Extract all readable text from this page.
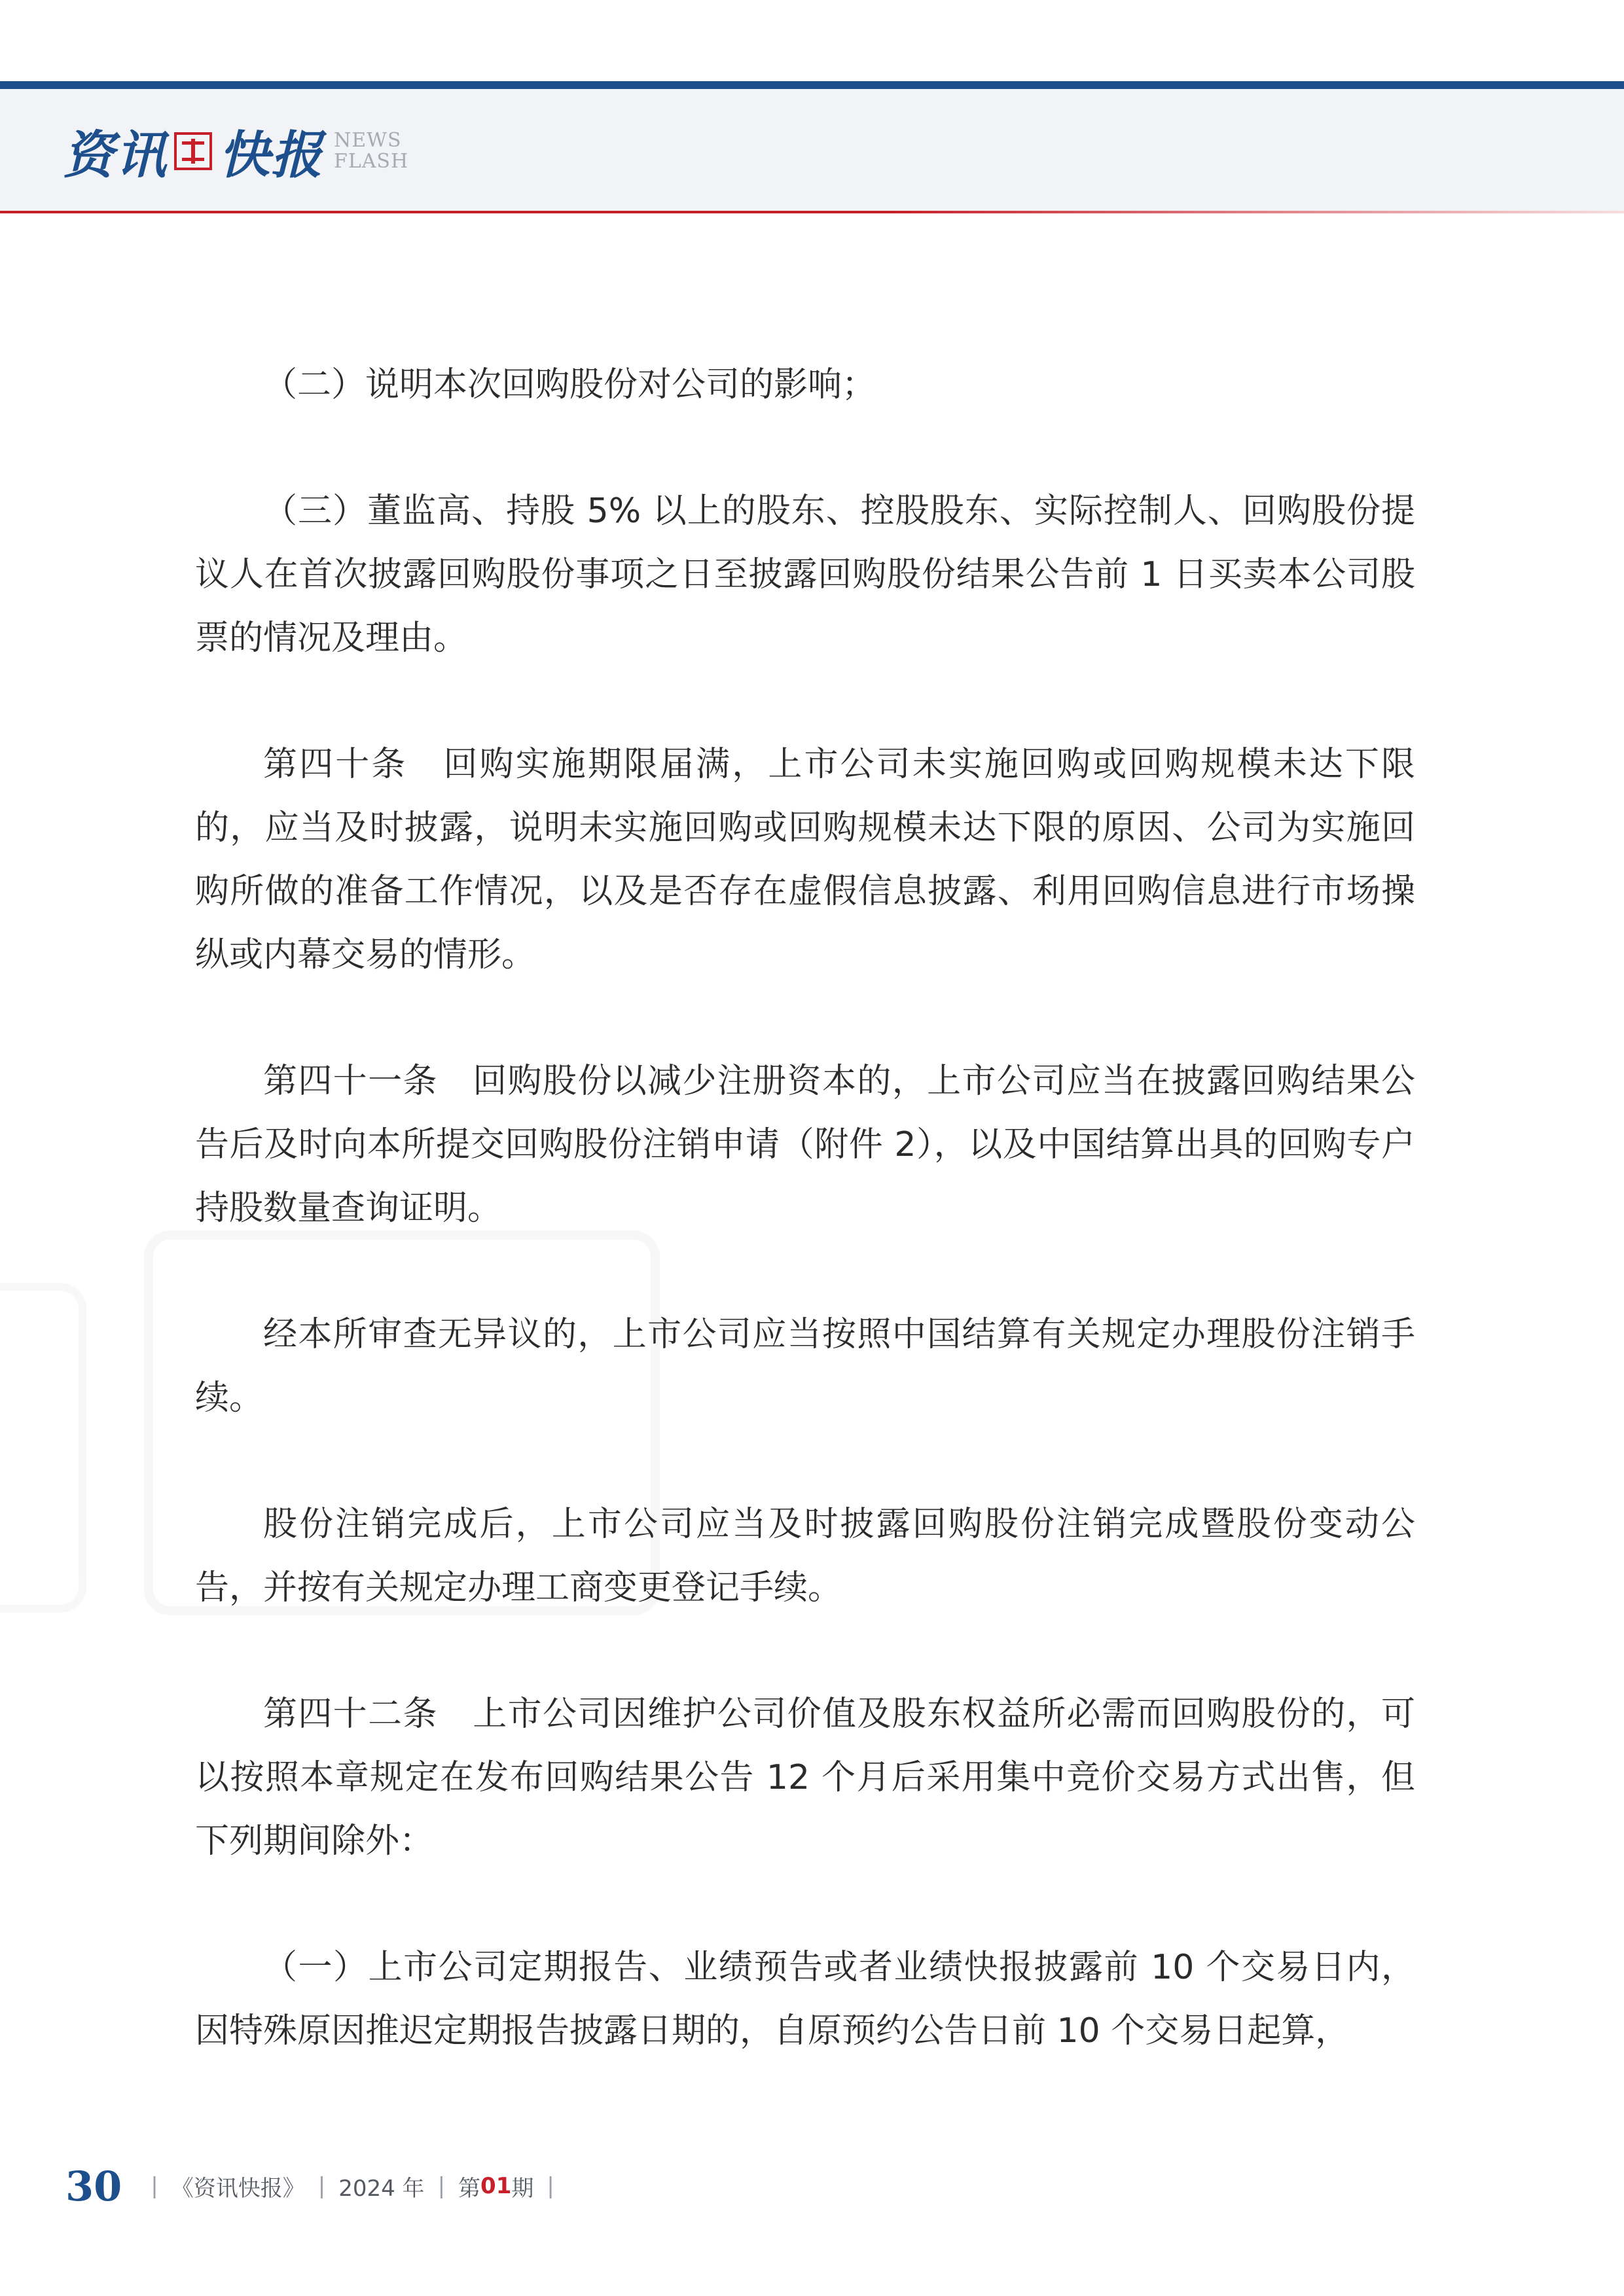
资讯 快报 NEWS
FLASH

（二）说明本次回购股份对公司的影响；

（三）董监高、持股 5% 以上的股东、控股股东、实际控制人、回购股份提议人在首次披露回购股份事项之日至披露回购股份结果公告前 1 日买卖本公司股票的情况及理由。

第四十条　回购实施期限届满，上市公司未实施回购或回购规模未达下限的，应当及时披露，说明未实施回购或回购规模未达下限的原因、公司为实施回购所做的准备工作情况，以及是否存在虚假信息披露、利用回购信息进行市场操纵或内幕交易的情形。

第四十一条　回购股份以减少注册资本的，上市公司应当在披露回购结果公告后及时向本所提交回购股份注销申请（附件 2），以及中国结算出具的回购专户持股数量查询证明。

经本所审查无异议的，上市公司应当按照中国结算有关规定办理股份注销手续。

股份注销完成后，上市公司应当及时披露回购股份注销完成暨股份变动公告，并按有关规定办理工商变更登记手续。

第四十二条　上市公司因维护公司价值及股东权益所必需而回购股份的，可以按照本章规定在发布回购结果公告 12 个月后采用集中竞价交易方式出售，但下列期间除外：

（一）上市公司定期报告、业绩预告或者业绩快报披露前 10 个交易日内，因特殊原因推迟定期报告披露日期的，自原预约公告日前 10 个交易日起算，

30 | 《资讯快报》 | 2024 年 | 第 01 期 |
